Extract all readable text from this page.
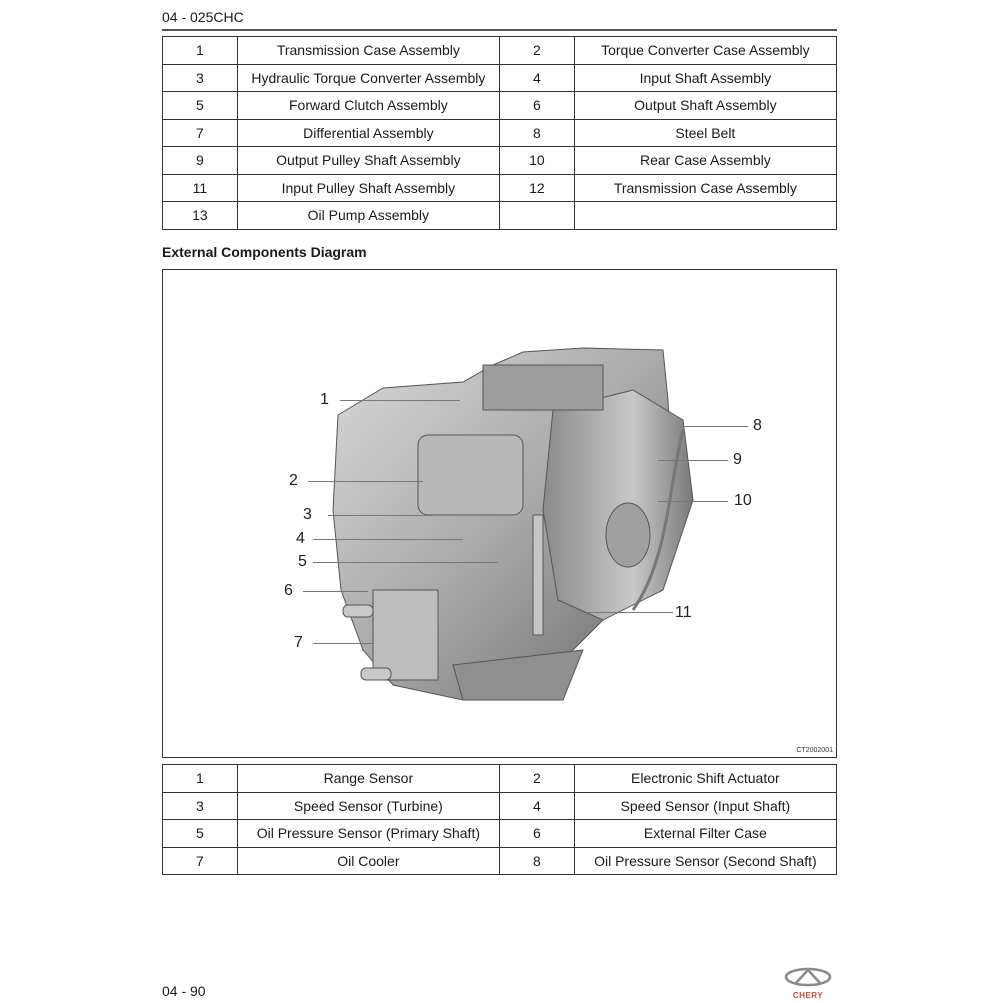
04 - 025CHC
1	Transmission Case Assembly	2	Torque Converter Case Assembly
3	Hydraulic Torque Converter Assembly	4	Input Shaft Assembly
5	Forward Clutch Assembly	6	Output Shaft Assembly
7	Differential Assembly	8	Steel Belt
9	Output Pulley Shaft Assembly	10	Rear Case Assembly
11	Input Pulley Shaft Assembly	12	Transmission Case Assembly
13	Oil Pump Assembly		
External Components Diagram
1
2
3
4
5
6
7
8
9
10
11
CT2002001
1	Range Sensor	2	Electronic Shift Actuator
3	Speed Sensor (Turbine)	4	Speed Sensor (Input Shaft)
5	Oil Pressure Sensor (Primary Shaft)	6	External Filter Case
7	Oil Cooler	8	Oil Pressure Sensor (Second Shaft)
04 - 90	CHERY
